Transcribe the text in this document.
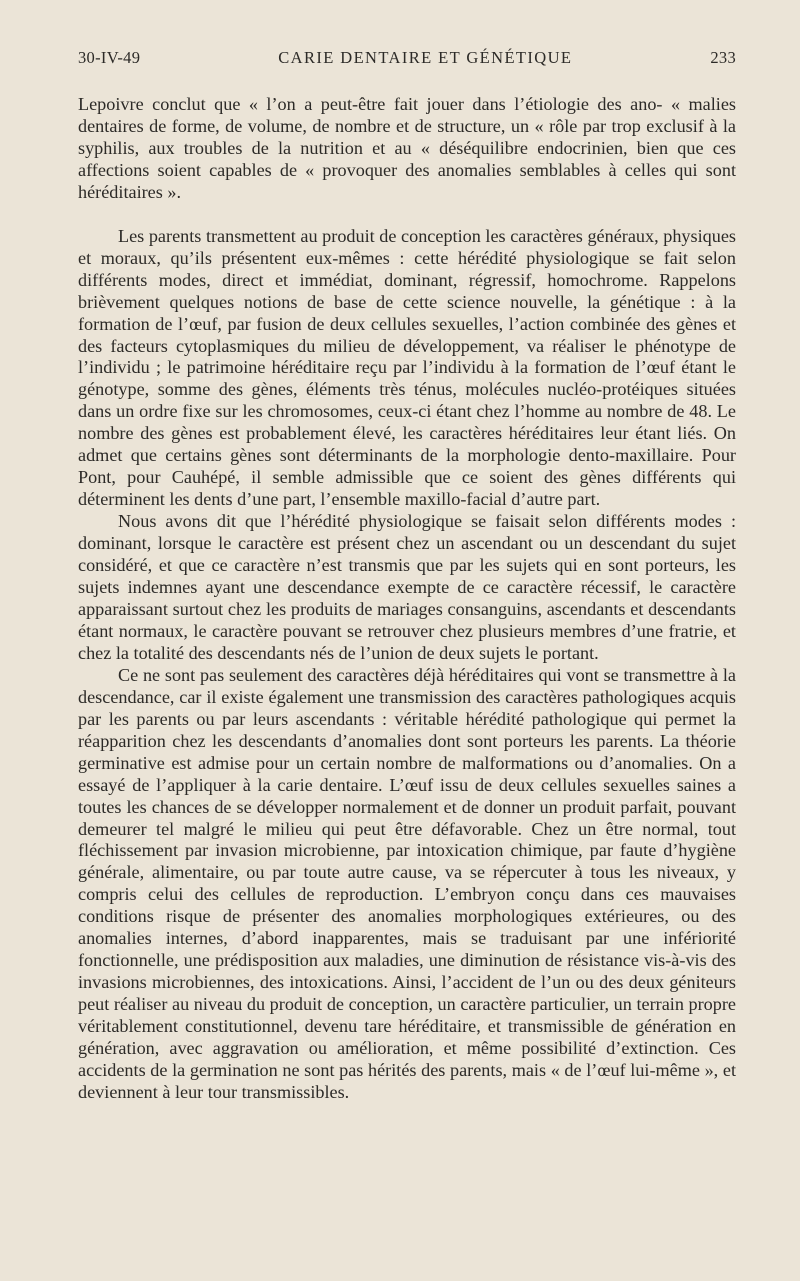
30-IV-49	CARIE DENTAIRE ET GÉNÉTIQUE	233

Lepoivre conclut que « l’on a peut-être fait jouer dans l’étiologie des ano- « malies dentaires de forme, de volume, de nombre et de structure, un « rôle par trop exclusif à la syphilis, aux troubles de la nutrition et au « déséquilibre endocrinien, bien que ces affections soient capables de « provoquer des anomalies semblables à celles qui sont héréditaires ».

Les parents transmettent au produit de conception les caractères généraux, physiques et moraux, qu’ils présentent eux-mêmes : cette hérédité physiologique se fait selon différents modes, direct et immédiat, dominant, régressif, homochrome. Rappelons brièvement quelques notions de base de cette science nouvelle, la génétique : à la formation de l’œuf, par fusion de deux cellules sexuelles, l’action combinée des gènes et des facteurs cytoplasmiques du milieu de développement, va réaliser le phénotype de l’individu ; le patrimoine héréditaire reçu par l’individu à la formation de l’œuf étant le génotype, somme des gènes, éléments très ténus, molécules nucléo-protéiques situées dans un ordre fixe sur les chromosomes, ceux-ci étant chez l’homme au nombre de 48. Le nombre des gènes est probablement élevé, les caractères héréditaires leur étant liés. On admet que certains gènes sont déterminants de la morphologie dento-maxillaire. Pour Pont, pour Cauhépé, il semble admissible que ce soient des gènes différents qui déterminent les dents d’une part, l’ensemble maxillo-facial d’autre part.

Nous avons dit que l’hérédité physiologique se faisait selon différents modes : dominant, lorsque le caractère est présent chez un ascendant ou un descendant du sujet considéré, et que ce caractère n’est transmis que par les sujets qui en sont porteurs, les sujets indemnes ayant une descendance exempte de ce caractère récessif, le caractère apparaissant surtout chez les produits de mariages consanguins, ascendants et descendants étant normaux, le caractère pouvant se retrouver chez plusieurs membres d’une fratrie, et chez la totalité des descendants nés de l’union de deux sujets le portant.

Ce ne sont pas seulement des caractères déjà héréditaires qui vont se transmettre à la descendance, car il existe également une transmission des caractères pathologiques acquis par les parents ou par leurs ascendants : véritable hérédité pathologique qui permet la réapparition chez les descendants d’anomalies dont sont porteurs les parents. La théorie germinative est admise pour un certain nombre de malformations ou d’anomalies. On a essayé de l’appliquer à la carie dentaire. L’œuf issu de deux cellules sexuelles saines a toutes les chances de se développer normalement et de donner un produit parfait, pouvant demeurer tel malgré le milieu qui peut être défavorable. Chez un être normal, tout fléchissement par invasion microbienne, par intoxication chimique, par faute d’hygiène générale, alimentaire, ou par toute autre cause, va se répercuter à tous les niveaux, y compris celui des cellules de reproduction. L’embryon conçu dans ces mauvaises conditions risque de présenter des anomalies morphologiques extérieures, ou des anomalies internes, d’abord inapparentes, mais se traduisant par une infériorité fonctionnelle, une prédisposition aux maladies, une diminution de résistance vis-à-vis des invasions microbiennes, des intoxications. Ainsi, l’accident de l’un ou des deux géniteurs peut réaliser au niveau du produit de conception, un caractère particulier, un terrain propre véritablement constitutionnel, devenu tare héréditaire, et transmissible de génération en génération, avec aggravation ou amélioration, et même possibilité d’extinction. Ces accidents de la germination ne sont pas hérités des parents, mais « de l’œuf lui-même », et deviennent à leur tour transmissibles.
